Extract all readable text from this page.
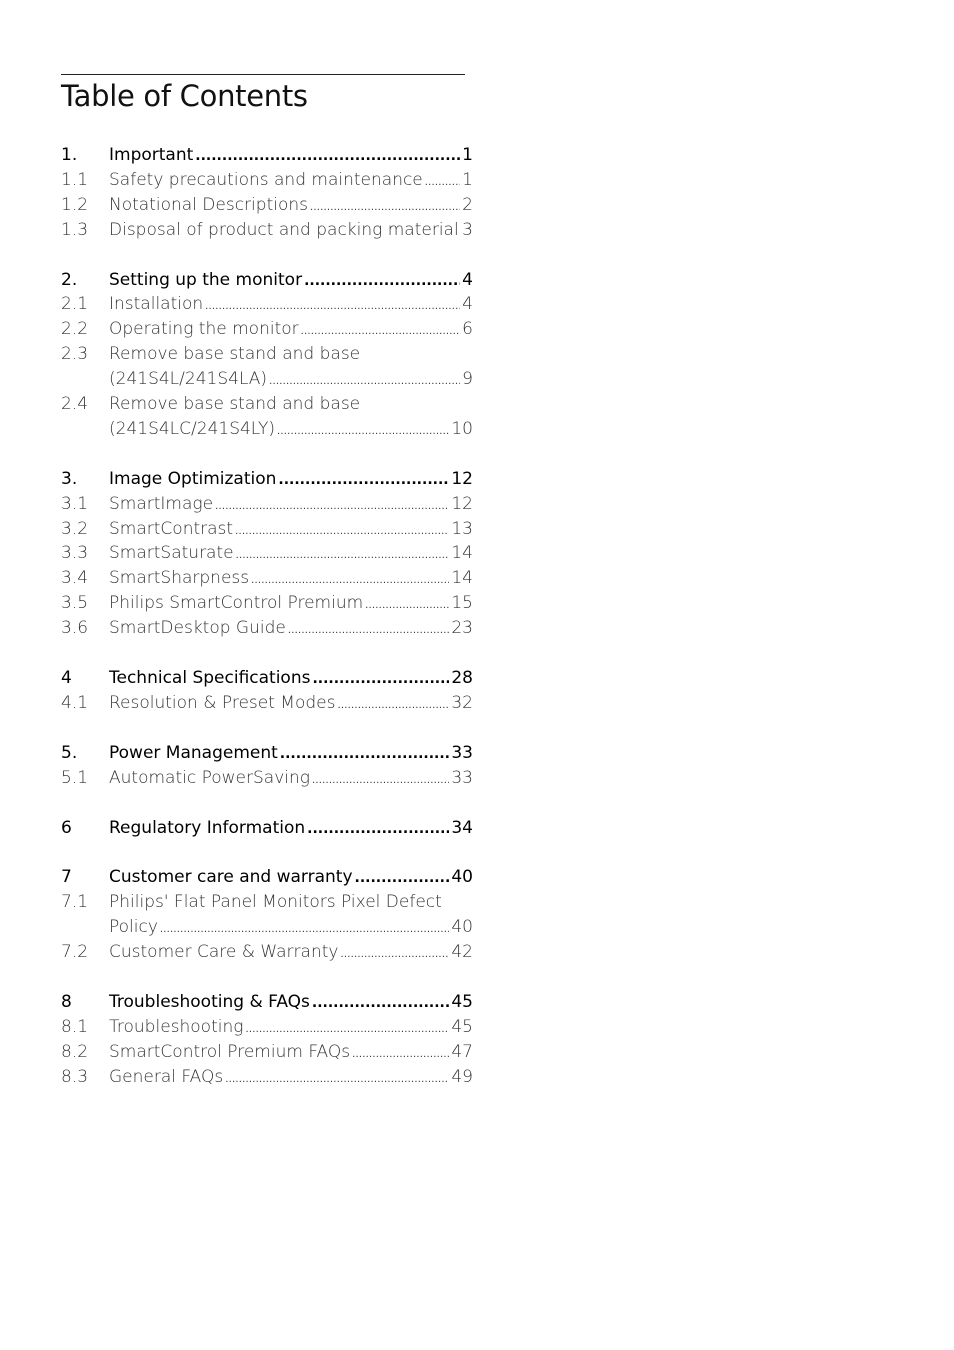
Table of Contents
1.	Important .....	1
1.1	Safety precautions and maintenance ..... 1
1.2	Notational Descriptions .....	2
1.3	Disposal of product and packing material 3
2.	Setting up the monitor .....	4
2.1	Installation .....	4
2.2	Operating the monitor .....	6
2.3	Remove base stand and base
(241S4L/241S4LA) .....	9
2.4	Remove base stand and base
(241S4LC/241S4LY) .....	10
3.	Image Optimization .....	12
3.1	SmartImage .....	12
3.2	SmartContrast .....	13
3.3	SmartSaturate .....	14
3.4	SmartSharpness .....	14
3.5	Philips SmartControl Premium .....	15
3.6	SmartDesktop Guide .....	23
4	Technical Specifications .....	28
4.1	Resolution & Preset Modes .....	32
5.	Power Management .....	33
5.1	Automatic PowerSaving .....	33
6	Regulatory Information .....	34
7	Customer care and warranty .....	40
7.1	Philips' Flat Panel Monitors Pixel Defect
Policy .....	40
7.2	Customer Care & Warranty .....	42
8	Troubleshooting & FAQs .....	45
8.1	Troubleshooting .....	45
8.2	SmartControl Premium FAQs .....	47
8.3	General FAQs .....	49
